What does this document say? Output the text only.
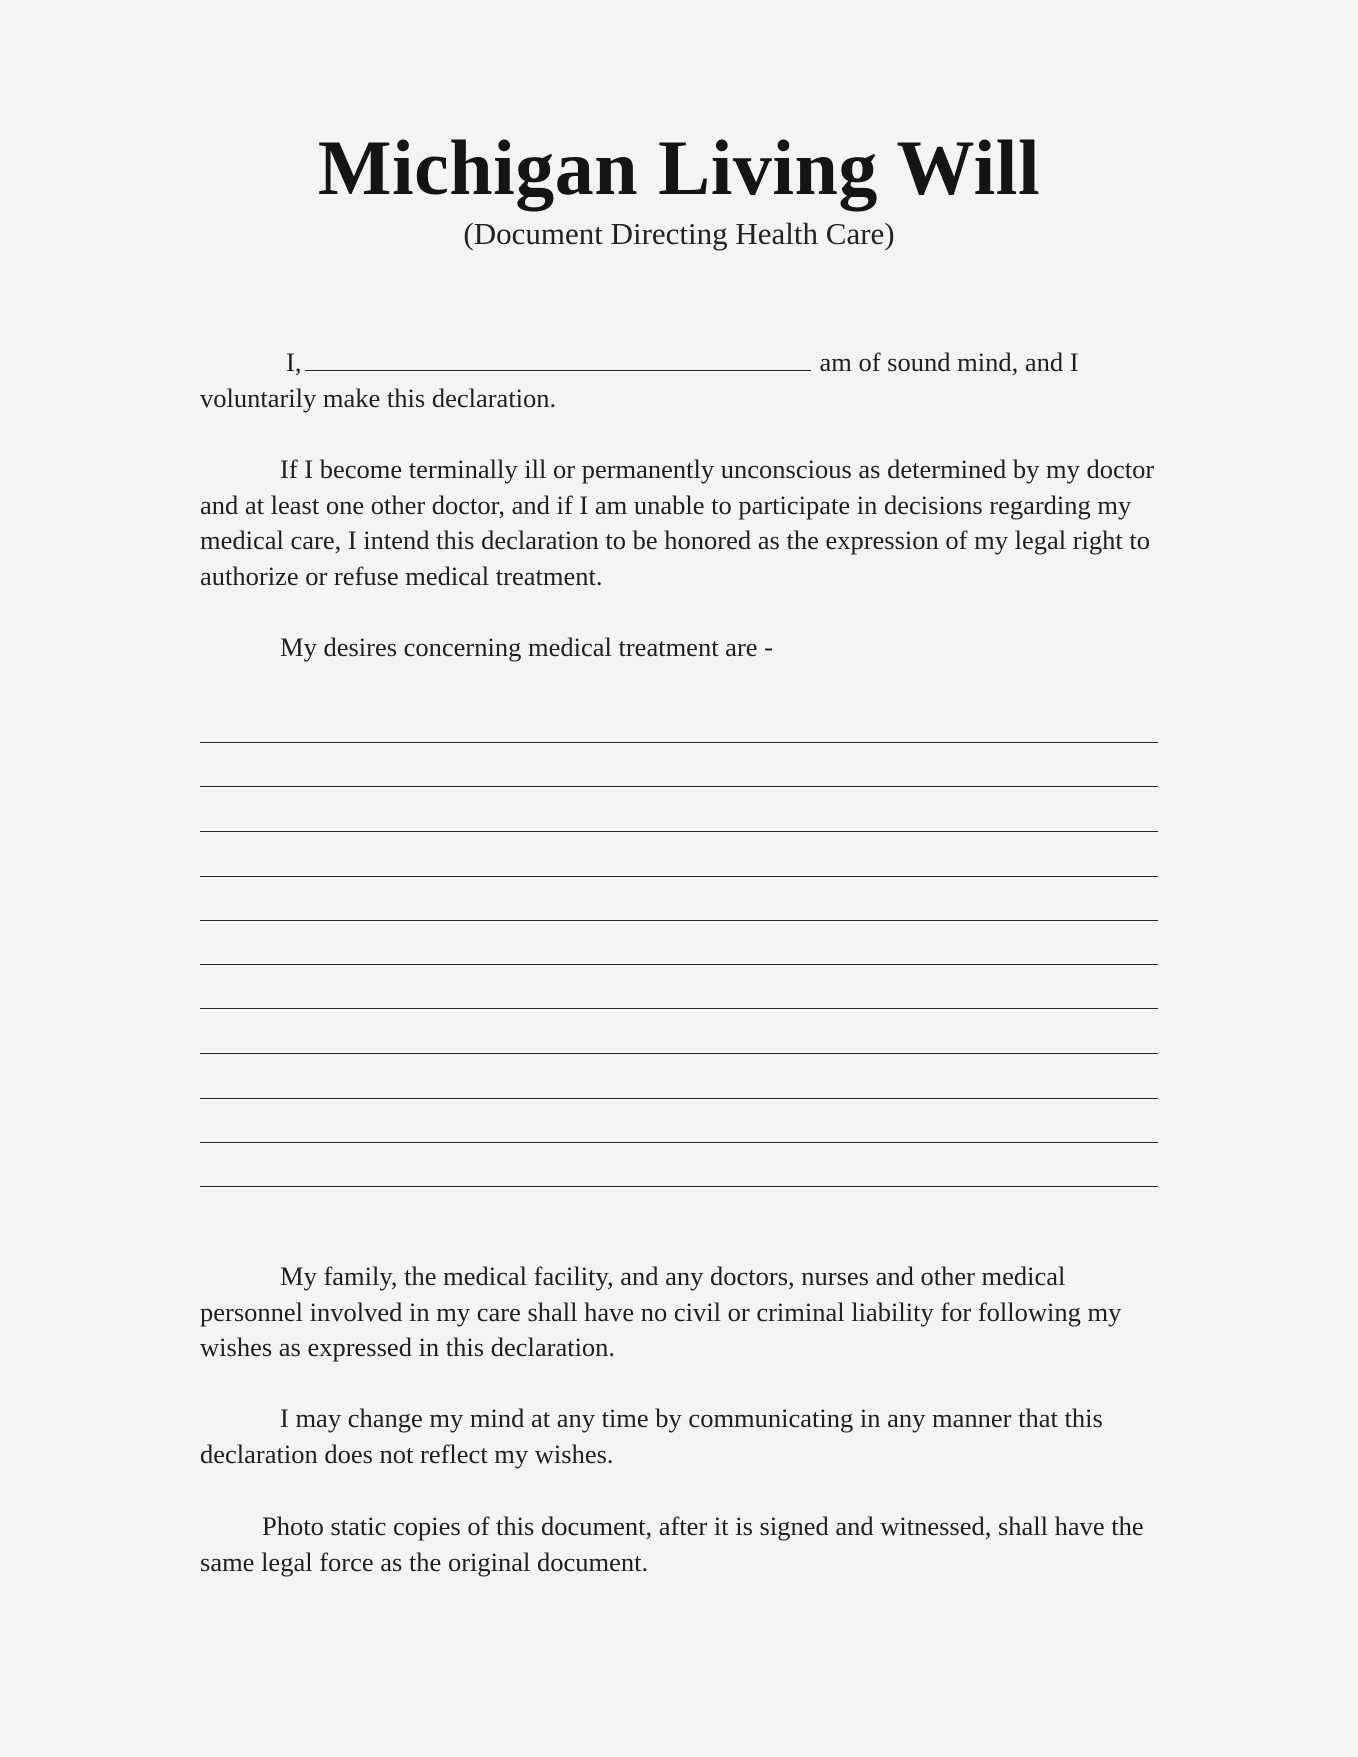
Michigan Living Will
(Document Directing Health Care)
I,	am of sound mind, and I
voluntarily make this declaration.
If I become terminally ill or permanently unconscious as determined by my doctor and at least one other doctor, and if I am unable to participate in decisions regarding my medical care, I intend this declaration to be honored as the expression of my legal right to authorize or refuse medical treatment.
My desires concerning medical treatment are -
My family, the medical facility, and any doctors, nurses and other medical personnel involved in my care shall have no civil or criminal liability for following my wishes as expressed in this declaration.
I may change my mind at any time by communicating in any manner that this declaration does not reflect my wishes.
Photo static copies of this document, after it is signed and witnessed, shall have the same legal force as the original document.
